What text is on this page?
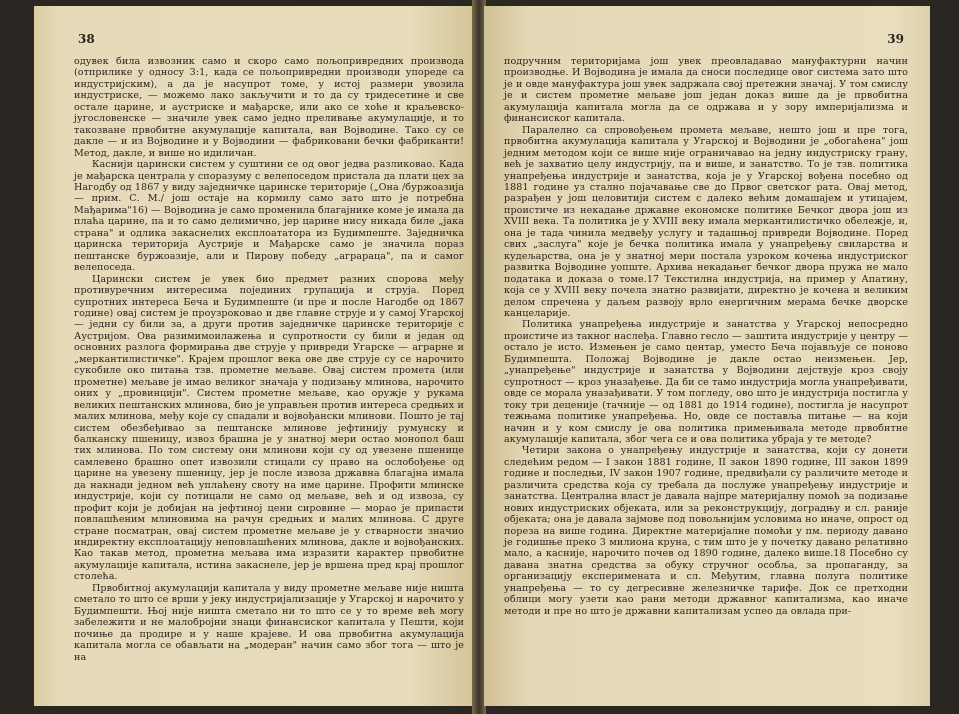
38

одувек била извозник само и скоро само пољопривредних производа (отприлике у односу 3:1, када се пољопривредни производи упореде са индустријским), а да је насупрот томе, у истој размери увозила индустриске, — можемо лако закључити и то да су тридесетине и све остале царине, и аустриске и мађарске, или ако се хоће и краљевско-југословенске — значиле увек само једно преливање акумулације, и то такозване првобитне акумулације капитала, ван Војводине. Тако су се дакле — и из Војводине и у Војводини — фабриковани бечки фабриканти! Метод, дакле, и више но идиличан.

Каснији царински систем у суштини се од овог једва разликовао. Када је мађарска централа у споразуму с велепоседом пристала да плати цех за Нагодбу од 1867 у виду заједничке царинске територије („Она /буржоазија — прим. С. М./ још остаје на кормилу само зато што је потребна Мађарима"16) — Војводина је само променила благајнике коме је имала да плаћа царине, па и то само делимично, јер царине нису никада биле „јака страна" и одлика закаснелих експлоататора из Будимпеште. Заједничка царинска територија Аустрије и Мађарске само је значила пораз пештанске буржоазије, али и Пирову победу „аграраца", па и самог велепоседа.

Царински систем је увек био предмет разних спорова међу противуречним интересима појединих групација и струја. Поред супротних интереса Беча и Будимпеште (и пре и после Нагодбе од 1867 године) овај систем је проузроковао и две главне струје и у самој Угарској — једни су били за, а други против заједничке царинске територије с Аустријом. Ова разимимоилажења и супротности су били и један од основних разлога формирања две струје у привреди Угарске — аграрне и „меркантилистичке". Крајем прошлог века ове две струје су се нарочито сукобиле око питања тзв. прометне мељаве. Овај систем промета (или прометне) мељаве је имао великог значаја у подизању млинова, нарочито оних у „провинцији". Систем прометне мељаве, као оружје у рукама великих пештанских млинова, био је управљен против интереса средњих и малих млинова, међу које су спадали и војвођански млинови. Пошто је тај систем обезбеђивао за пештанске млинове јефтинију румунску и балканску пшеницу, извоз брашна је у знатној мери остао монопол баш тих млинова. По том систему они млинови који су од увезене пшенице самлевено брашно опет извозили стицали су право на ослобођење од царине на увезену пшеницу, јер је после извоза државна благајна имала да накнади једном већ уплаћену своту на име царине. Профити млинске индустрије, који су потицали не само од мељаве, већ и од извоза, су профит који је добијан на јефтиној цени сировине — морао је припасти повлашћеним млиновима на рачун средњих и малих млинова. С друге стране посматран, овај систем прометне мељаве је у стварности значио индиректну експлоатацију неповлашћених млинова, дакле и војвођанских. Као такав метод, прометна мељава има изразити карактер првобитне акумулације капитала, истина закаснеле, јер је вршена пред крај прошлог столећа.

Првобитној акумулацији капитала у виду прометне мељаве није ништа сметало то што се врши у јеку индустријализације у Угарској и нарочито у Будимпешти. Њој није ништа сметало ни то што се у то време већ могу забележити и не малобројни знаци финансиског капитала у Пешти, који почиње да продире и у наше крајеве. И ова првобитна акумулација капитала могла се обављати на „модеран" начин само због тога — што је на

39

подручним територијама још увек преовладавао мануфактурни начин производње. И Војводина је имала да сноси последице овог система зато што је и овде мануфактура још увек задржала свој претежни значај. У том смислу је и систем прометне мељаве још један доказ више да је првобитна акумулација капитала могла да се одржава и у зору империјализма и финансиског капитала.

Паралелно са спровођењем промета мељаве, нешто још и пре тога, првобитна акумулација капитала у Угарској и Војводини је „обогаћена" још једним методом који се више није ограничавао на једну индустриску грану, већ је захватио целу индустрију, па и више, и занатство. То је тзв. политика унапређења индустрије и занатства, која је у Угарској вођена посебно од 1881 године уз стално појачавање све до Првог светског рата. Овај метод, разрађен у још целовитији систем с далеко већим домашајем и утицајем, проистиче из некадање државне економске политике Бечког двора још из XVIII века. Та политика је у XVIII веку имала меркантилистичко обележје, и, она је тада чинила медвеђу услугу и тадашњој привреди Војводине. Поред свих „заслуга" које је бечка политика имала у унапређењу свиларства и кудељарства, она је у знатној мери постала узроком кочења индустриског развитка Војводине уопште. Архива некадањег бечког двора пружа не мало података и доказа о томе.17 Текстилна индустрија, на пример у Апатину, која се у XVIII веку почела знатно развијати, директно је кочена и великим делом спречена у даљем развоју врло енергичним мерама бечке дворске канцеларије.

Политика унапређења индустрије и занатства у Угарској непосредно проистиче из такног наслеђа. Главно гесло — заштита индустрије у центру — остало је исто. Измењен је само центар, уместо Беча појављује се поново Будимпешта. Положај Војводине је дакле остао неизмењен. Јер, „унапређење" индустрије и занатства у Војводини дејствује кроз своју супротност — кроз уназађење. Да би се тамо индустрија могла унапређивати, овде се морала уназађивати. У том погледу, ово што је индустрија постигла у току три деценије (тачније — од 1881 до 1914 године), постигла је насупрот тежњама политике унапређења. Но, овде се поставља питање — на који начин и у ком смислу је ова политика примењивала методе првобитне акумулације капитала, због чега се и ова политика убраја у те методе?

Четири закона о унапређењу индустрије и занатства, који су донети следећим редом — I закон 1881 године, II закон 1890 године, III закон 1899 године и последњи, IV закон 1907 године, предвиђали су различите методе и различита средства која су требала да послуже унапређењу индустрије и занатства. Централна власт је давала најпре материјалну помоћ за подизање нових индустриских објеката, или за реконструкцију, доградњу и сл. раније објеката; она је давала зајмове под повољнијим условима но иначе, опрост од пореза на више година. Директне материјалне помоћи у пм. периоду давано је годишње преко 3 милиона круна, с тим што је у почетку давано релативно мало, а касније, нарочито почев од 1890 године, далеко више.18 Посебно су давана знатна средства за обуку стручног особља, за пропаганду, за организацију експеримената и сл. Међутим, главна полуга политике унапређења — то су дегресивне железничке тарифе. Док се претходни облици могу узети као рани методи државног капитализма, као иначе методи и пре но што је државни капитализам успео да овлада при-
